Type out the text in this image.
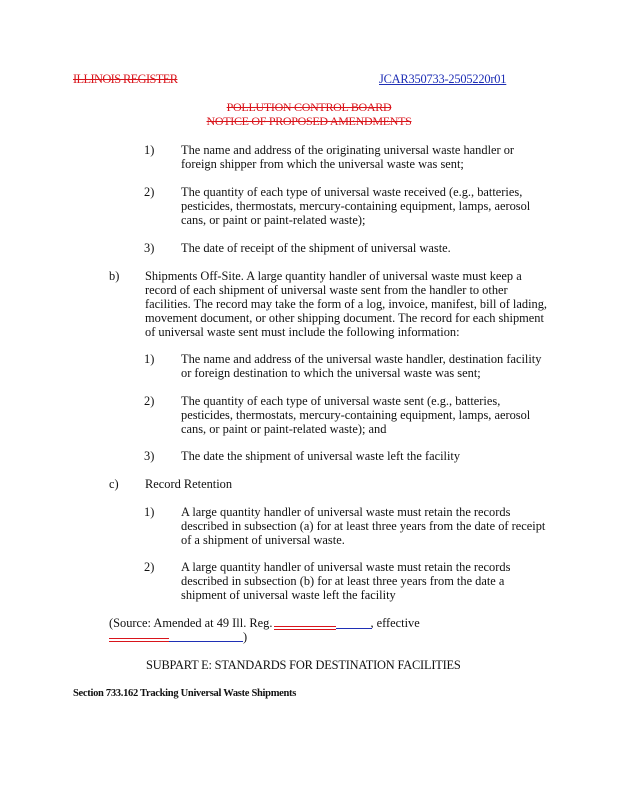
ILLINOIS REGISTER	JCAR350733-2505220r01
POLLUTION CONTROL BOARD
NOTICE OF PROPOSED AMENDMENTS
1) The name and address of the originating universal waste handler or
foreign shipper from which the universal waste was sent;
2) The quantity of each type of universal waste received (e.g., batteries,
pesticides, thermostats, mercury-containing equipment, lamps, aerosol
cans, or paint or paint-related waste);
3) The date of receipt of the shipment of universal waste.
b) Shipments Off-Site. A large quantity handler of universal waste must keep a
record of each shipment of universal waste sent from the handler to other
facilities. The record may take the form of a log, invoice, manifest, bill of lading,
movement document, or other shipping document. The record for each shipment
of universal waste sent must include the following information:
1) The name and address of the universal waste handler, destination facility
or foreign destination to which the universal waste was sent;
2) The quantity of each type of universal waste sent (e.g., batteries,
pesticides, thermostats, mercury-containing equipment, lamps, aerosol
cans, or paint or paint-related waste); and
3) The date the shipment of universal waste left the facility
c) Record Retention
1) A large quantity handler of universal waste must retain the records
described in subsection (a) for at least three years from the date of receipt
of a shipment of universal waste.
2) A large quantity handler of universal waste must retain the records
described in subsection (b) for at least three years from the date a
shipment of universal waste left the facility
(Source: Amended at 49 Ill. Reg.	, effective
)
SUBPART E: STANDARDS FOR DESTINATION FACILITIES
Section 733.162 Tracking Universal Waste Shipments
